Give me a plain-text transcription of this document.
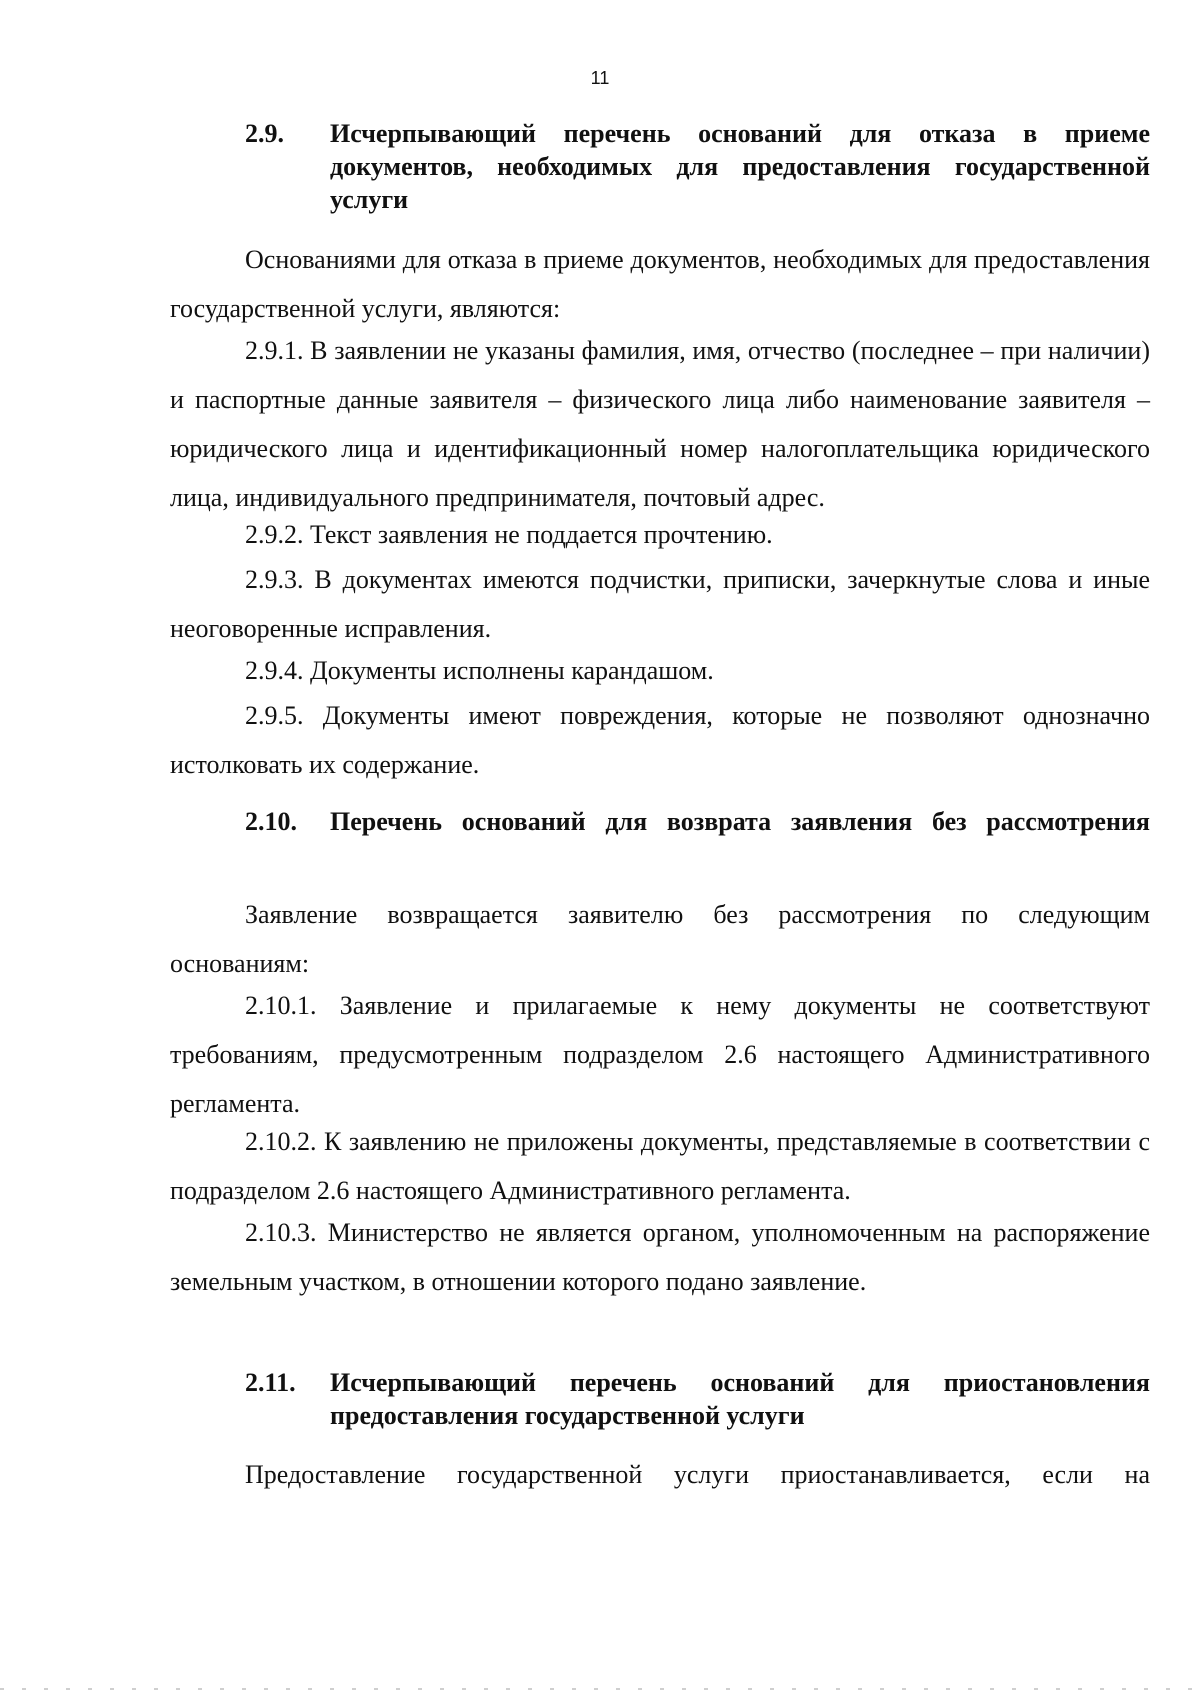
11
2.9.	Исчерпывающий перечень оснований для отказа в приеме документов, необходимых для предоставления государственной услуги

Основаниями для отказа в приеме документов, необходимых для предоставления государственной услуги, являются:

2.9.1. В заявлении не указаны фамилия, имя, отчество (последнее – при наличии) и паспортные данные заявителя – физического лица либо наименование заявителя – юридического лица и идентификационный номер налогоплательщика юридического лица, индивидуального предпринимателя, почтовый адрес.

2.9.2. Текст заявления не поддается прочтению.

2.9.3. В документах имеются подчистки, приписки, зачеркнутые слова и иные неоговоренные исправления.

2.9.4. Документы исполнены карандашом.

2.9.5. Документы имеют повреждения, которые не позволяют однозначно истолковать их содержание.

2.10.	Перечень оснований для возврата заявления без рассмотрения

Заявление возвращается заявителю без рассмотрения по следующим основаниям:

2.10.1. Заявление и прилагаемые к нему документы не соответствуют требованиям, предусмотренным подразделом 2.6 настоящего Административного регламента.

2.10.2. К заявлению не приложены документы, представляемые в соответствии с подразделом 2.6 настоящего Административного регламента.

2.10.3. Министерство не является органом, уполномоченным на распоряжение земельным участком, в отношении которого подано заявление.

2.11.	Исчерпывающий перечень оснований для приостановления предоставления государственной услуги

Предоставление государственной услуги приостанавливается, если на
